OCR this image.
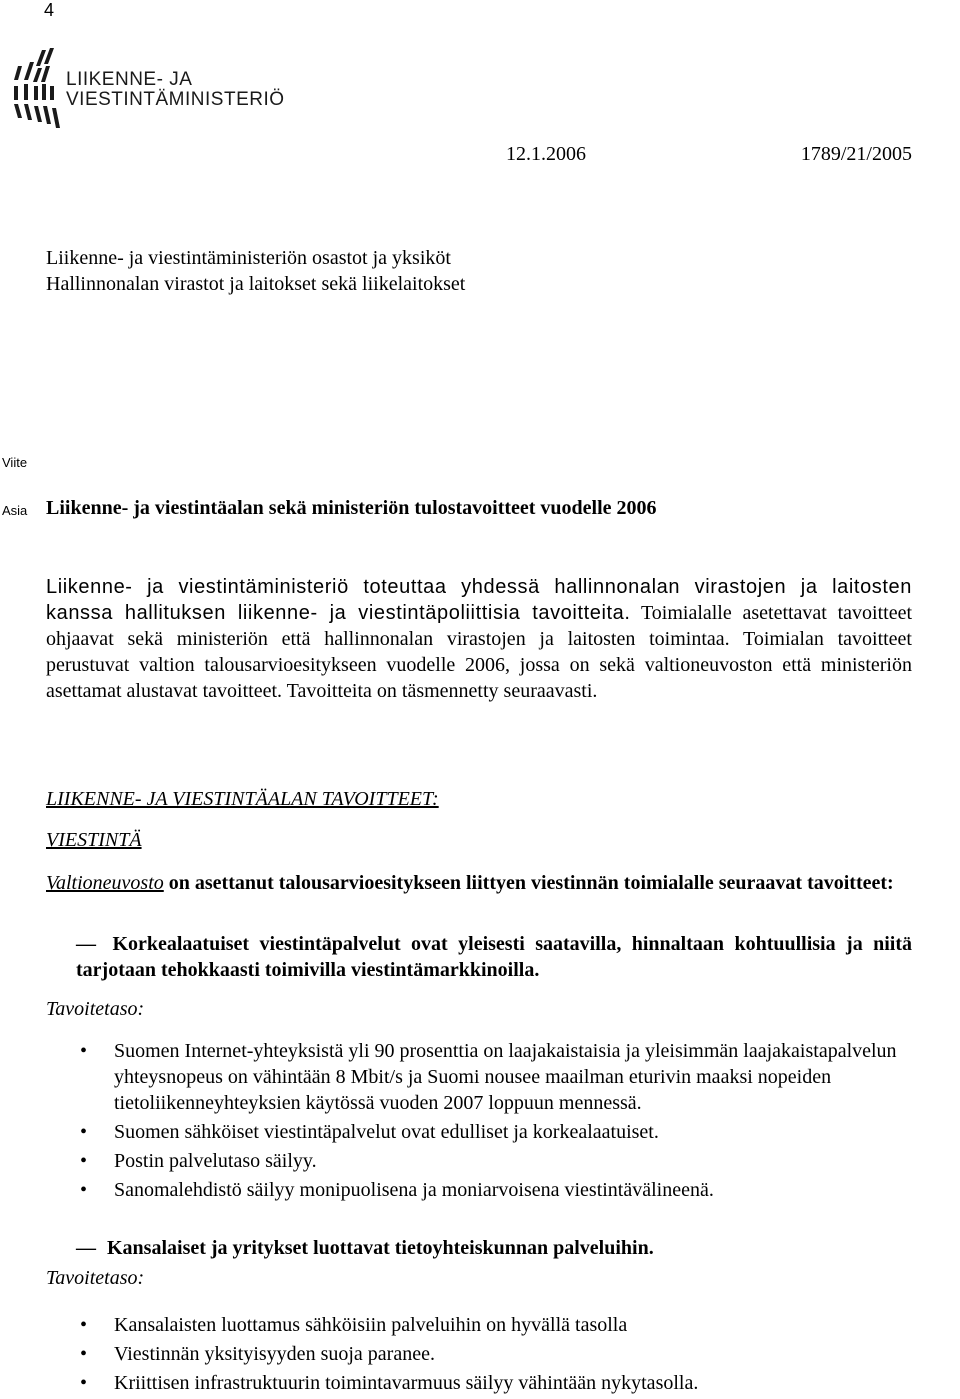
4
LIIKENNE- JA
VIESTINTÄMINISTERIÖ
12.1.2006	1789/21/2005
Liikenne- ja viestintäministeriön osastot ja yksiköt
Hallinnonalan virastot ja laitokset sekä liikelaitokset
Viite
Asia Liikenne- ja viestintäalan sekä ministeriön tulostavoitteet vuodelle 2006
Liikenne- ja viestintäministeriö toteuttaa yhdessä hallinnonalan virastojen ja laitosten kanssa hallituksen liikenne- ja viestintäpoliittisia tavoitteita. Toimialalle asetettavat tavoitteet ohjaavat sekä ministeriön että hallinnonalan virastojen ja laitosten toimintaa. Toimialan tavoitteet perustuvat valtion talousarvioesitykseen vuodelle 2006, jossa on sekä valtioneuvoston että ministeriön asettamat alustavat tavoitteet. Tavoitteita on täsmennetty seuraavasti.
LIIKENNE- JA VIESTINTÄALAN TAVOITTEET:
VIESTINTÄ
Valtioneuvosto on asettanut talousarvioesitykseen liittyen viestinnän toimialalle seuraavat tavoitteet:
— Korkealaatuiset viestintäpalvelut ovat yleisesti saatavilla, hinnaltaan kohtuullisia ja niitä tarjotaan tehokkaasti toimivilla viestintämarkkinoilla.
Tavoitetaso:
• Suomen Internet-yhteyksistä yli 90 prosenttia on laajakaistaisia ja yleisimmän laajakaistapalvelun yhteysnopeus on vähintään 8 Mbit/s ja Suomi nousee maailman eturivin maaksi nopeiden tietoliikenneyhteyksien käytössä vuoden 2007 loppuun mennessä.
• Suomen sähköiset viestintäpalvelut ovat edulliset ja korkealaatuiset.
• Postin palvelutaso säilyy.
• Sanomalehdistö säilyy monipuolisena ja moniarvoisena viestintävälineenä.
— Kansalaiset ja yritykset luottavat tietoyhteiskunnan palveluihin.
Tavoitetaso:
• Kansalaisten luottamus sähköisiin palveluihin on hyvällä tasolla
• Viestinnän yksityisyyden suoja paranee.
• Kriittisen infrastruktuurin toimintavarmuus säilyy vähintään nykytasolla.
